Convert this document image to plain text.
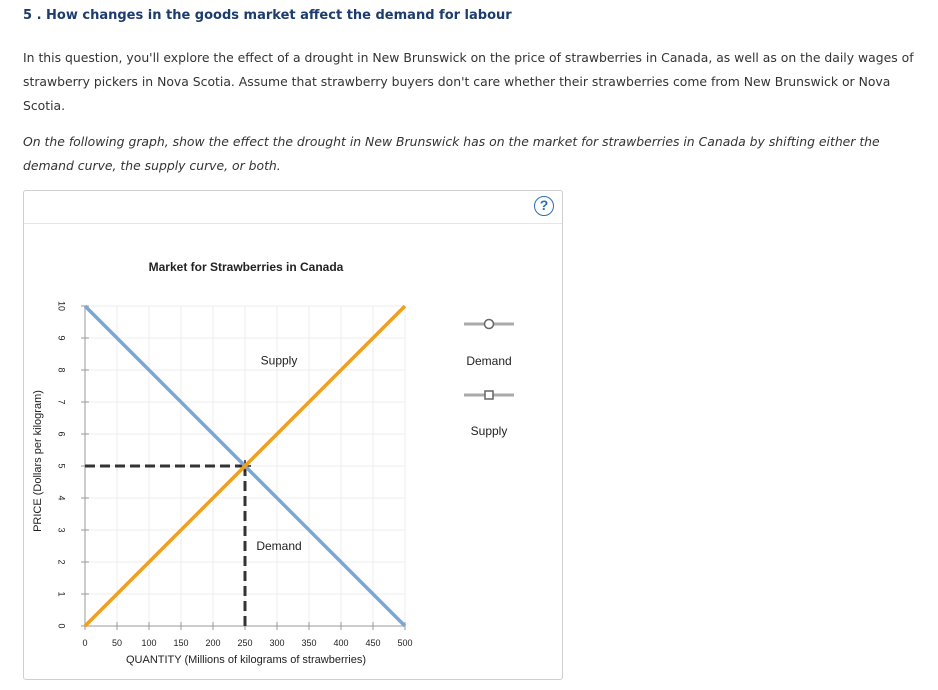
5 . How changes in the goods market affect the demand for labour
In this question, you'll explore the effect of a drought in New Brunswick on the price of strawberries in Canada, as well as on the daily wages of strawberry pickers in Nova Scotia. Assume that strawberry buyers don't care whether their strawberries come from New Brunswick or Nova Scotia.
On the following graph, show the effect the drought in New Brunswick has on the market for strawberries in Canada by shifting either the demand curve, the supply curve, or both.
?
0	50 100 150 200 250 300 350 400 450 500
0
1
2
3
4
5
6
7
8
9
10
Demand
Supply
Market for Strawberries in Canada
PRICE (Dollars per kilogram)
QUANTITY (Millions of kilograms of strawberries)
Demand
Supply
